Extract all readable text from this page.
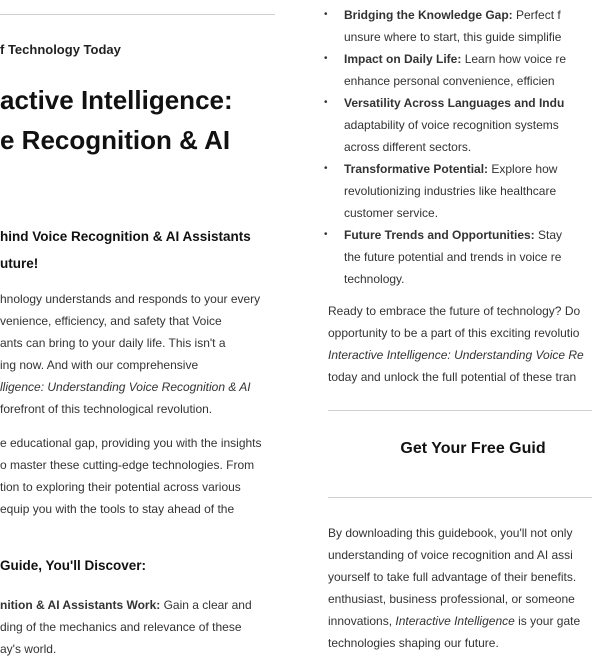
f Technology Today
active Intelligence:
e Recognition & AI
hind Voice Recognition & AI Assistants
uture!

hnology understands and responds to your every

venience, efficiency, and safety that Voice

ants can bring to your daily life. This isn't a

ing now. And with our comprehensive

lligence: Understanding Voice Recognition & AI

forefront of this technological revolution.

e educational gap, providing you with the insights

o master these cutting-edge technologies. From

tion to exploring their potential across various

equip you with the tools to stay ahead of the

Guide, You'll Discover:

nition & AI Assistants Work: Gain a clear and

ding of the mechanics and relevance of these

ay's world.

• Bridging the Knowledge Gap: Perfect f
unsure where to start, this guide simplifie
• Impact on Daily Life: Learn how voice re
enhance personal convenience, efficien
• Versatility Across Languages and Indu
adaptability of voice recognition systems
across different sectors.
• Transformative Potential: Explore how
revolutionizing industries like healthcare
customer service.
• Future Trends and Opportunities: Stay
the future potential and trends in voice re
technology.

Ready to embrace the future of technology? Do

opportunity to be a part of this exciting revolutio

Interactive Intelligence: Understanding Voice Re

today and unlock the full potential of these tran

Get Your Free Guid

By downloading this guidebook, you'll not only

understanding of voice recognition and AI assi

yourself to take full advantage of their benefits.

enthusiast, business professional, or someone

innovations, Interactive Intelligence is your gate

technologies shaping our future.
